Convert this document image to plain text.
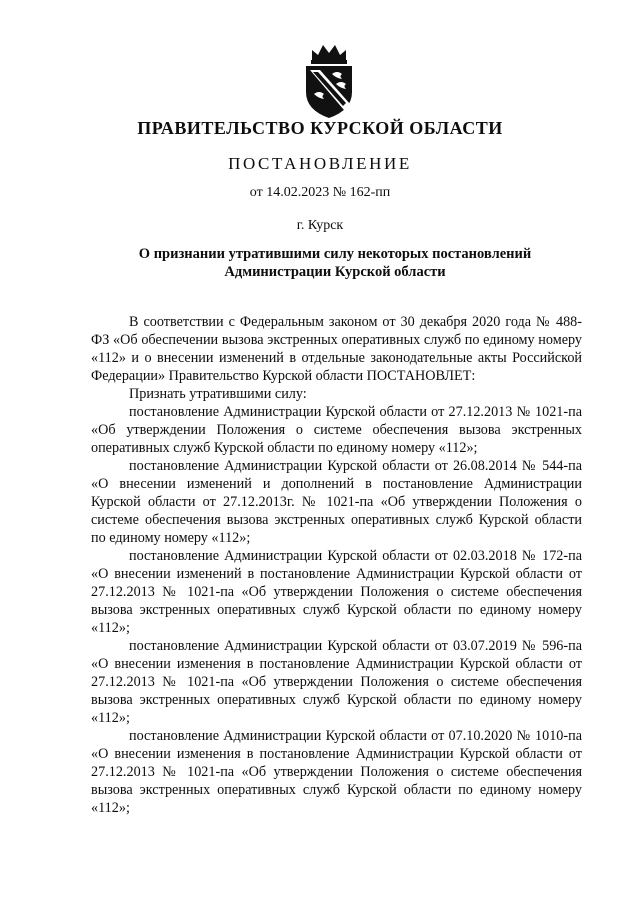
ПРАВИТЕЛЬСТВО КУРСКОЙ ОБЛАСТИ
ПОСТАНОВЛЕНИЕ
от 14.02.2023 № 162-пп
г. Курск
О признании утратившими силу некоторых постановлений
Администрации Курской области

В соответствии с Федеральным законом от 30 декабря 2020 года № 488-ФЗ «Об обеспечении вызова экстренных оперативных служб по единому номеру «112» и о внесении изменений в отдельные законодательные акты Российской Федерации» Правительство Курской области ПОСТАНОВЛЕТ:

Признать утратившими силу:

постановление Администрации Курской области от 27.12.2013 № 1021-па «Об утверждении Положения о системе обеспечения вызова экстренных оперативных служб Курской области по единому номеру «112»;

постановление Администрации Курской области от 26.08.2014 № 544-па «О внесении изменений и дополнений в постановление Администрации Курской области от 27.12.2013г. № 1021-па «Об утверждении Положения о системе обеспечения вызова экстренных оперативных служб Курской области по единому номеру «112»;

постановление Администрации Курской области от 02.03.2018 № 172-па «О внесении изменений в постановление Администрации Курской области от 27.12.2013 № 1021-па «Об утверждении Положения о системе обеспечения вызова экстренных оперативных служб Курской области по единому номеру «112»;

постановление Администрации Курской области от 03.07.2019 № 596-па «О внесении изменения в постановление Администрации Курской области от 27.12.2013 № 1021-па «Об утверждении Положения о системе обеспечения вызова экстренных оперативных служб Курской области по единому номеру «112»;

постановление Администрации Курской области от 07.10.2020 № 1010-па «О внесении изменения в постановление Администрации Курской области от 27.12.2013 № 1021-па «Об утверждении Положения о системе обеспечения вызова экстренных оперативных служб Курской области по единому номеру «112»;
